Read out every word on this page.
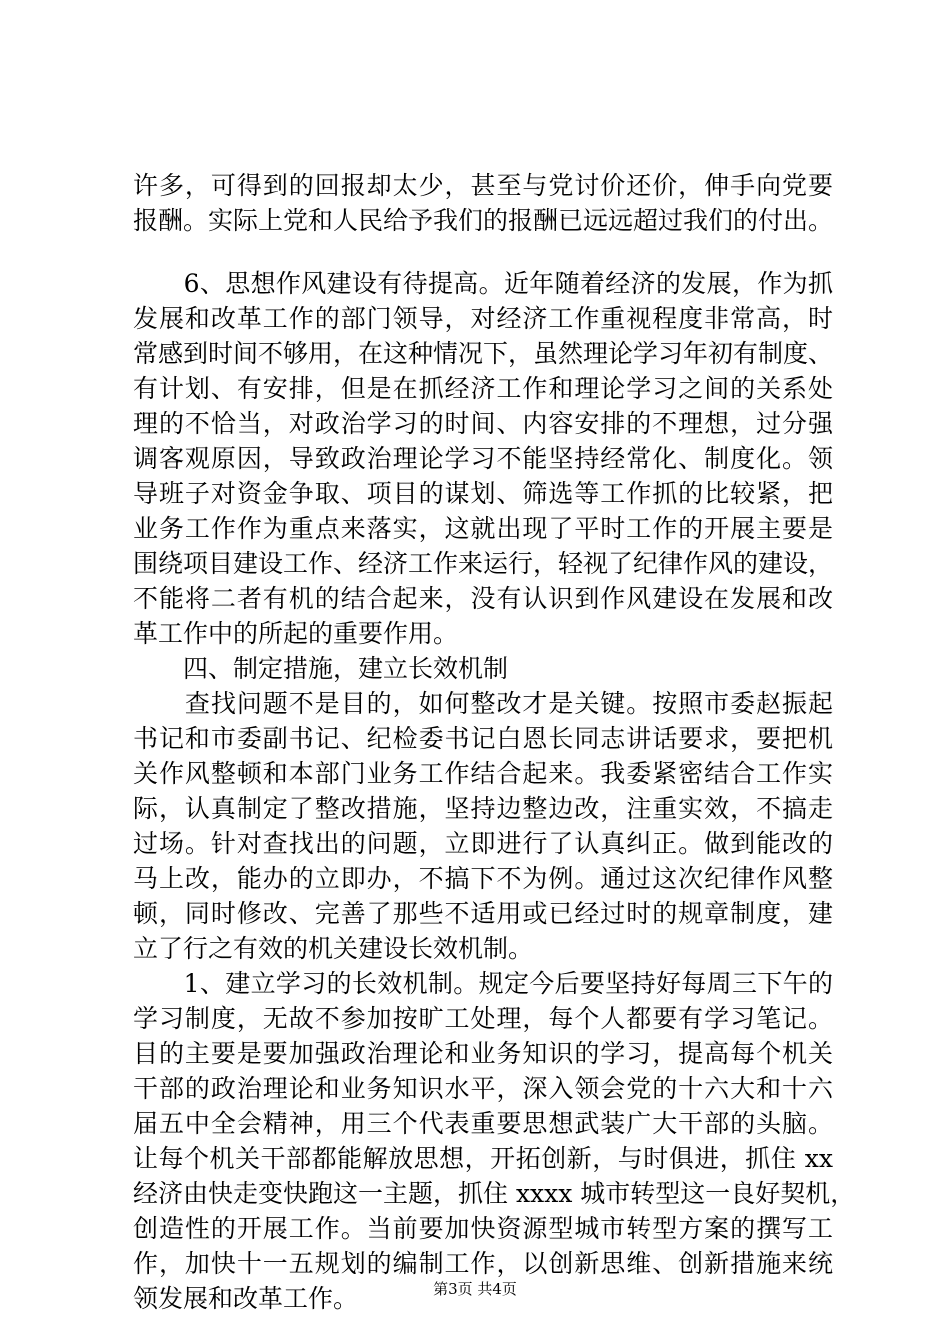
许多，可得到的回报却太少，甚至与党讨价还价，伸手向党要
报酬。实际上党和人民给予我们的报酬已远远超过我们的付出。
　　6、思想作风建设有待提高。近年随着经济的发展，作为抓
发展和改革工作的部门领导，对经济工作重视程度非常高，时
常感到时间不够用，在这种情况下，虽然理论学习年初有制度、
有计划、有安排，但是在抓经济工作和理论学习之间的关系处
理的不恰当，对政治学习的时间、内容安排的不理想，过分强
调客观原因，导致政治理论学习不能坚持经常化、制度化。领
导班子对资金争取、项目的谋划、筛选等工作抓的比较紧，把
业务工作作为重点来落实，这就出现了平时工作的开展主要是
围绕项目建设工作、经济工作来运行，轻视了纪律作风的建设，
不能将二者有机的结合起来，没有认识到作风建设在发展和改
革工作中的所起的重要作用。
　　四、制定措施，建立长效机制
　　查找问题不是目的，如何整改才是关键。按照市委赵振起
书记和市委副书记、纪检委书记白恩长同志讲话要求，要把机
关作风整顿和本部门业务工作结合起来。我委紧密结合工作实
际，认真制定了整改措施，坚持边整边改，注重实效，不搞走
过场。针对查找出的问题，立即进行了认真纠正。做到能改的
马上改，能办的立即办，不搞下不为例。通过这次纪律作风整
顿，同时修改、完善了那些不适用或已经过时的规章制度，建
立了行之有效的机关建设长效机制。
　　1、建立学习的长效机制。规定今后要坚持好每周三下午的
学习制度，无故不参加按旷工处理，每个人都要有学习笔记。
目的主要是要加强政治理论和业务知识的学习，提高每个机关
干部的政治理论和业务知识水平，深入领会党的十六大和十六
届五中全会精神，用三个代表重要思想武装广大干部的头脑。
让每个机关干部都能解放思想，开拓创新，与时俱进，抓住 xx
经济由快走变快跑这一主题，抓住 xxxx 城市转型这一良好契机，
创造性的开展工作。当前要加快资源型城市转型方案的撰写工
作，加快十一五规划的编制工作，以创新思维、创新措施来统
领发展和改革工作。	第3页 共4页
